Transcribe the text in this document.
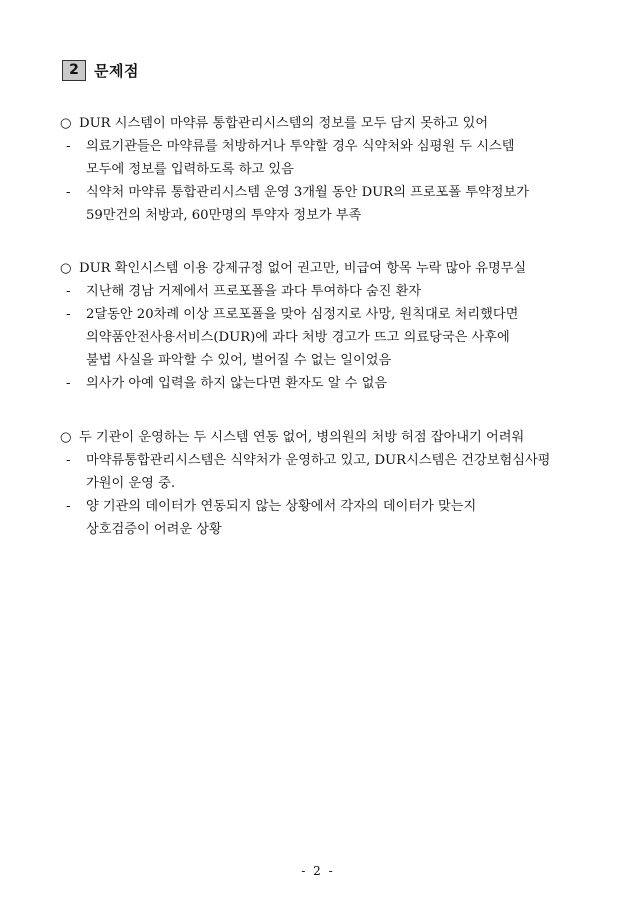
2	문제점
○ DUR 시스템이 마약류 통합관리시스템의 정보를 모두 담지 못하고 있어
- 의료기관들은 마약류를 처방하거나 투약할 경우 식약처와 심평원 두 시스템
모두에 정보를 입력하도록 하고 있음
- 식약처 마약류 통합관리시스템 운영 3개월 동안 DUR의 프로포폴 투약정보가
59만건의 처방과, 60만명의 투약자 정보가 부족
○ DUR 확인시스템 이용 강제규정 없어 권고만, 비급여 항목 누락 많아 유명무실
- 지난해 경남 거제에서 프로포폴을 과다 투여하다 숨진 환자
- 2달동안 20차례 이상 프로포폴을 맞아 심정지로 사망, 원칙대로 처리했다면
의약품안전사용서비스(DUR)에 과다 처방 경고가 뜨고 의료당국은 사후에
불법 사실을 파악할 수 있어, 벌어질 수 없는 일이었음
- 의사가 아예 입력을 하지 않는다면 환자도 알 수 없음
○ 두 기관이 운영하는 두 시스템 연동 없어, 병의원의 처방 허점 잡아내기 어려워
- 마약류통합관리시스템은 식약처가 운영하고 있고, DUR시스템은 건강보험심사평
가원이 운영 중.
- 양 기관의 데이터가 연동되지 않는 상황에서 각자의 데이터가 맞는지
상호검증이 어려운 상황
- 2 -
